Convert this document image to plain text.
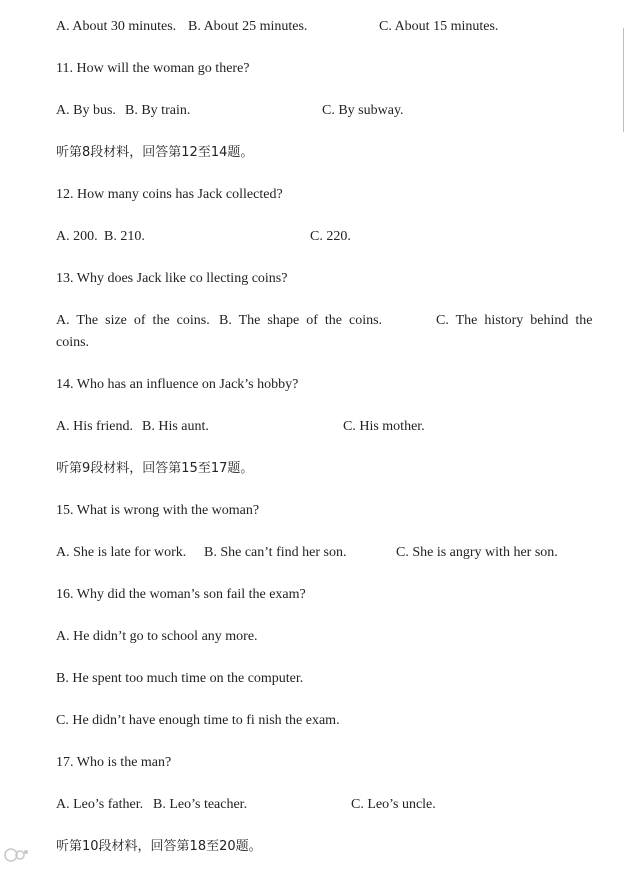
A. About 30 minutes. B. About 25 minutes.	C. About 15 minutes.
11. How will the woman go there?
A. By bus. B. By train.	C. By subway.
听第8段材料，回答第12至14题。
12. How many coins has Jack collected?
A. 200. B. 210.	C. 220.
13. Why does Jack like co llecting coins?
A.  The  size  of  the  coins. B.  The  shape  of  the  coins.	C.  The  history  behind  the
coins.
14. Who has an influence on Jack’s hobby?
A. His friend. B. His aunt.	C. His mother.
听第9段材料，回答第15至17题。
15. What is wrong with the woman?
A. She is late for work. B. She can’t find her son.	C. She is angry with her son.
16. Why did the woman’s son fail the exam?
A. He didn’t go to school any more.
B. He spent too much time on the computer.
C. He didn’t have enough time to fi nish the exam.
17. Who is the man?
A. Leo’s father. B. Leo’s teacher.	C. Leo’s uncle.
听第10段材料，回答第18至20题。
